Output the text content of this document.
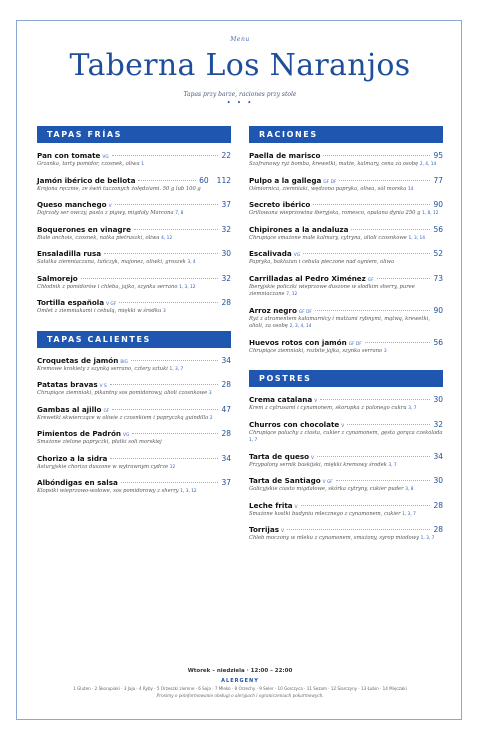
Menu
Taberna Los Naranjos
Tapas przy barze, raciones przy stole
• • •
TAPAS FRÍAS
Pan con tomate VG	22
Grzanka, tarty pomidor, czosnek, oliwa 1
Jamón ibérico de bellota	60 112
Krojona ręcznie, ze świń tuczonych żołędziami. 50 g lub 100 g
Queso manchego V	37
Dojrzały ser owczy, pasta z pigwy, migdały Marcona 7, 8
Boquerones en vinagre	32
Białe anchois, czosnek, natka pietruszki, oliwa 4, 12
Ensaladilla rusa	30
Sałatka ziemniaczana, tuńczyk, majonez, oliwki, groszek 3, 4
Salmorejo	32
Chłodnik z pomidorów i chleba, jajko, szynka serrano 1, 3, 12
Tortilla española V GF	28
Omlet z ziemniakami i cebulą, miękki w środku 3
TAPAS CALIENTES
Croquetas de jamón BIG	34
Kremowe krokiety z szynką serrano, cztery sztuki 1, 3, 7
Patatas bravas V S	28
Chrupiące ziemniaki, pikantny sos pomidorowy, alioli czosnkowe 3
Gambas al ajillo GF	47
Krewetki skwierczące w oliwie z czosnkiem i papryczką guindilla 2
Pimientos de Padrón VG	28
Smażone zielone papryczki, płatki soli morskiej
Chorizo a la sidra	34
Asturyjskie chorizo duszone w wytrawnym cydrze 12
Albóndigas en salsa	37
Klopsiki wieprzowo-wołowe, sos pomidorowy z sherry 1, 3, 12
RACIONES
Paella de marisco	95
Szafranowy ryż bomba, krewetki, małże, kalmary, cena za osobę 2, 4, 14
Pulpo a la gallega GF DF	77
Ośmiornica, ziemniaki, wędzona papryka, oliwa, sól morska 14
Secreto ibérico	90
Grillowana wieprzowina iberyjska, romesco, opalana dynia 250 g 1, 8, 12
Chipirones a la andaluza	56
Chrupiące smażone małe kalmary, cytryna, alioli czosnkowe 1, 3, 14
Escalivada VG	52
Papryka, bakłażan i cebula pieczone nad ogniem, oliwa
Carrilladas al Pedro Ximénez GF	73
Iberyjskie policzki wieprzowe duszone w słodkim sherry, puree ziemniaczane 7, 12
Arroz negro GF DF	90
Ryż z atramentem kałamarnicy i małżami rybnymi, mątwą, krewetki, alioli, za osobę 2, 3, 4, 14
Huevos rotos con jamón GF DF	56
Chrupiące ziemniaki, rozbite jajka, szynka serrano 3
POSTRES
Crema catalana V	30
Krem z cytrusami i cynamonem, skorupka z palonego cukru 3, 7
Churros con chocolate V	32
Chrupiące paluchy z ciasta, cukier z cynamonem, gęsta gorąca czekolada 1, 7
Tarta de queso V	34
Przypalony sernik baskijski, miękki kremowy środek 3, 7
Tarta de Santiago V GF	30
Galicyjskie ciasto migdałowe, skórka cytryny, cukier puder 3, 8
Leche frita V	28
Smażone kostki budyniu mlecznego z cynamonem, cukier 1, 3, 7
Torrijas V	28
Chleb moczony w mleku z cynamonem, smażony, syrop miodowy 1, 3, 7
Wtorek – niedziela · 12:00 – 22:00
ALERGENY
1 Gluten · 2 Skorupiaki · 3 Jaja · 4 Ryby · 5 Orzeszki ziemne · 6 Soja · 7 Mleko · 8 Orzechy · 9 Seler · 10 Gorczyca · 11 Sezam · 12 Siarczyny · 13 Łubin · 14 Mięczaki
Prosimy o poinformowanie obsługi o alergiach i ograniczeniach pokarmowych.
